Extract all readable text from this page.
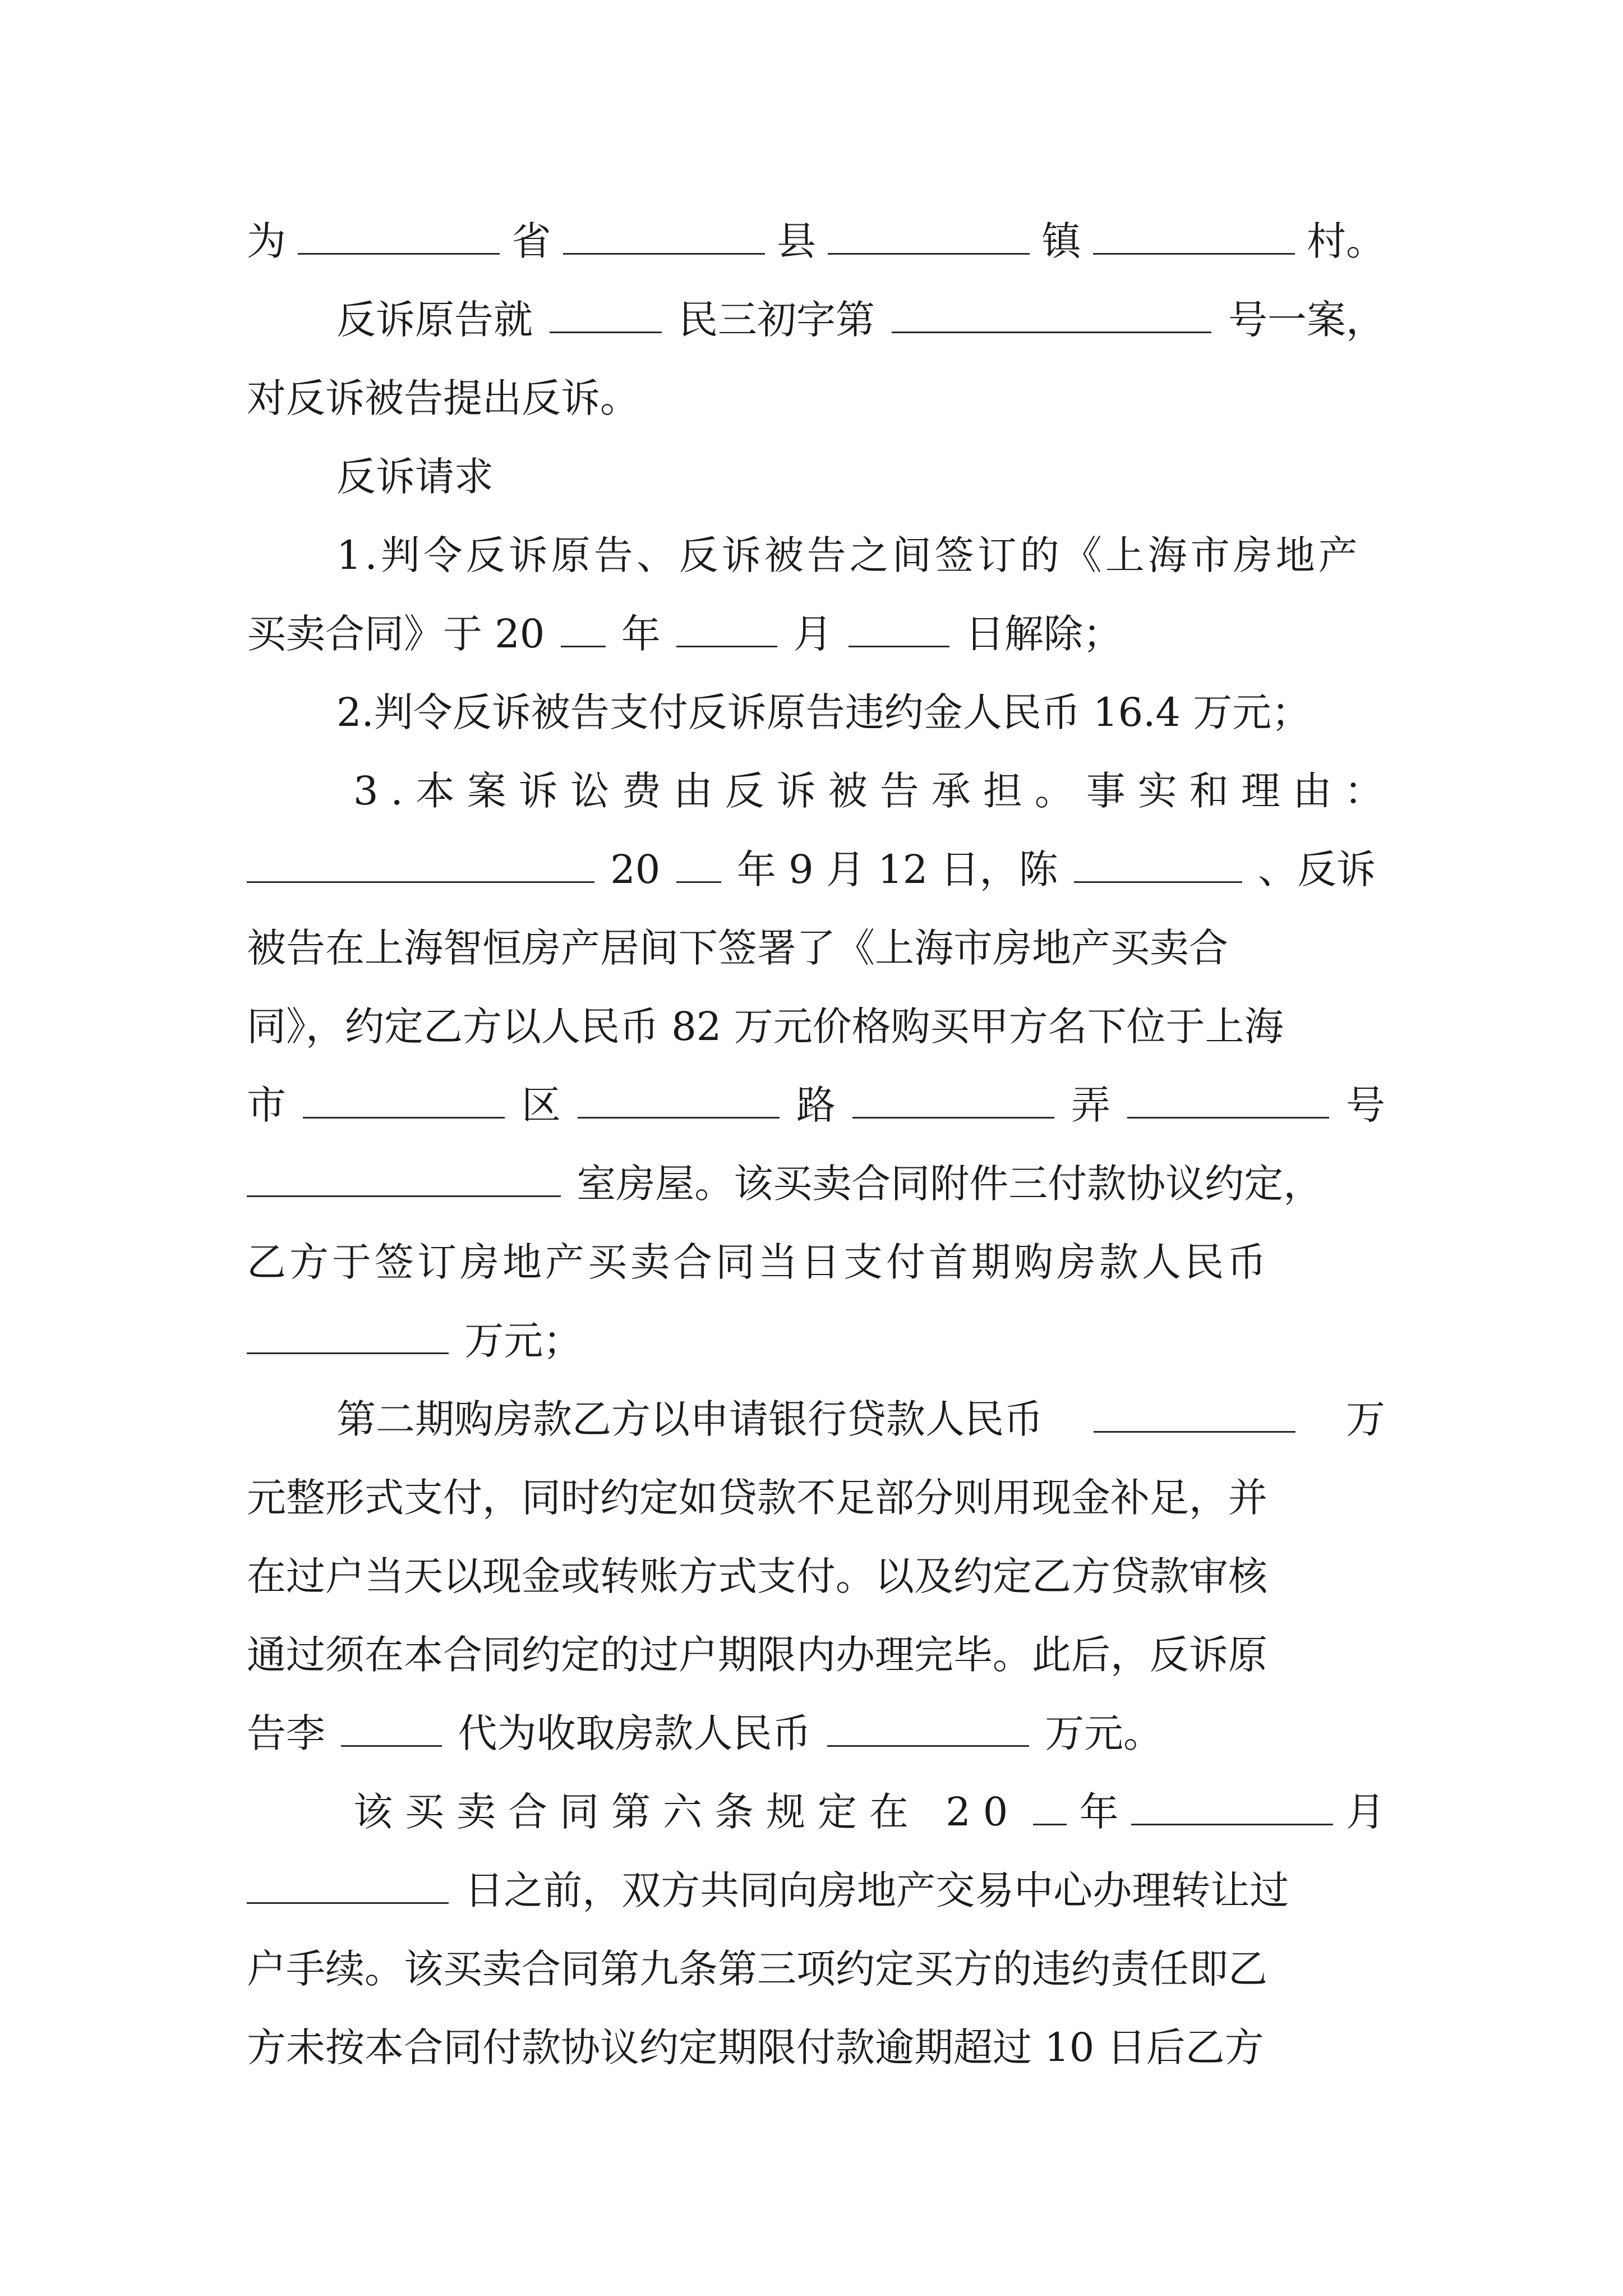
为	省	县	镇	村。
反诉原告就	民三初字第	号一案，
对反诉被告提出反诉。
反诉请求
1.判令反诉原告、反诉被告之间签订的《上海市房地产
买卖合同》于 20 年	月	日解除；
2.判令反诉被告支付反诉原告违约金人民币 16.4 万元；
3.本案诉讼费由反诉被告承担。事实和理由：
20 年 9 月 12 日，陈	、反诉
被告在上海智恒房产居间下签署了《上海市房地产买卖合
同》，约定乙方以人民币 82 万元价格购买甲方名下位于上海
市	区	路	弄	号
室房屋。该买卖合同附件三付款协议约定，
乙方于签订房地产买卖合同当日支付首期购房款人民币
万元；
第二期购房款乙方以申请银行贷款人民币	万
元整形式支付，同时约定如贷款不足部分则用现金补足，并
在过户当天以现金或转账方式支付。以及约定乙方贷款审核
通过须在本合同约定的过户期限内办理完毕。此后，反诉原
告李	代为收取房款人民币	万元。
该买卖合同第六条规定在 20 年	月
日之前，双方共同向房地产交易中心办理转让过
户手续。该买卖合同第九条第三项约定买方的违约责任即乙
方未按本合同付款协议约定期限付款逾期超过 10 日后乙方
